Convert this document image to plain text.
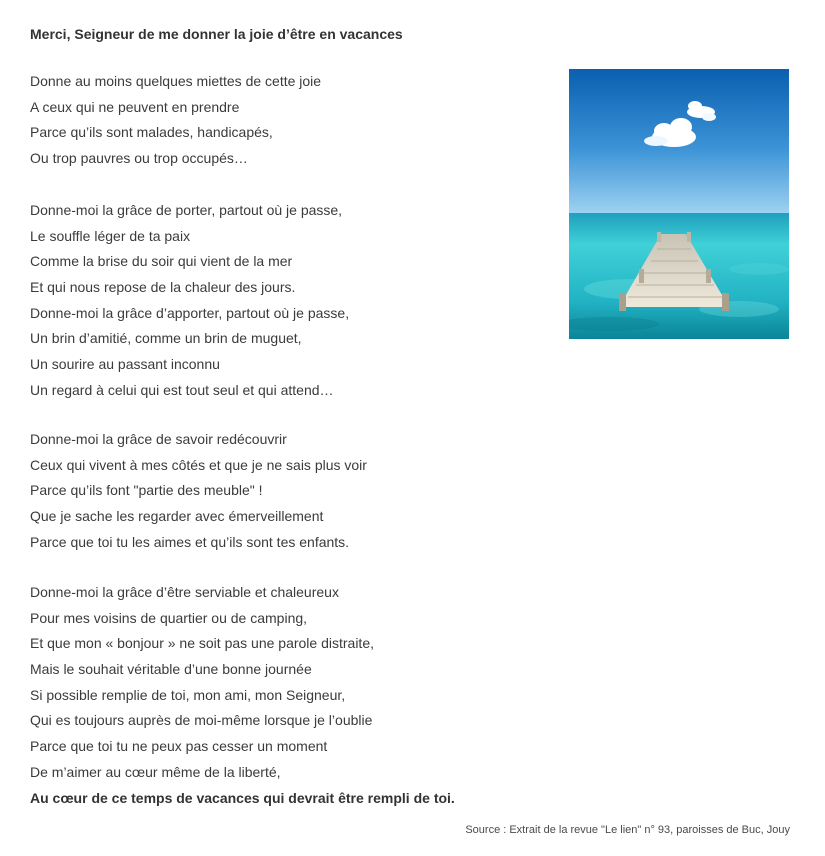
Merci, Seigneur de me donner la joie d’être en vacances
Donne au moins quelques miettes de cette joie
A ceux qui ne peuvent en prendre
Parce qu’ils sont malades, handicapés,
Ou trop pauvres ou trop occupés…
Donne-moi la grâce de porter, partout où je passe,
Le souffle léger de ta paix
Comme la brise du soir qui vient de la mer
Et qui nous repose de la chaleur des jours.
Donne-moi la grâce d’apporter, partout où je passe,
Un brin d’amitié, comme un brin de muguet,
Un sourire au passant inconnu
Un regard à celui qui est tout seul et qui attend…
Donne-moi la grâce de savoir redécouvrir
Ceux qui vivent à mes côtés et que je ne sais plus voir
Parce qu’ils font "partie des meuble" !
Que je sache les regarder avec émerveillement
Parce que toi tu les aimes et qu’ils sont tes enfants.
Donne-moi la grâce d’être serviable et chaleureux
Pour mes voisins de quartier ou de camping,
Et que mon « bonjour » ne soit pas une parole distraite,
Mais le souhait véritable d’une bonne journée
Si possible remplie de toi, mon ami, mon Seigneur,
Qui es toujours auprès de moi-même lorsque je l’oublie
Parce que toi tu ne peux pas cesser un moment
De m’aimer au cœur même de la liberté,
Au cœur de ce temps de vacances qui devrait être rempli de toi.
Source : Extrait de la revue "Le lien" n° 93, paroisses de Buc, Jouy
